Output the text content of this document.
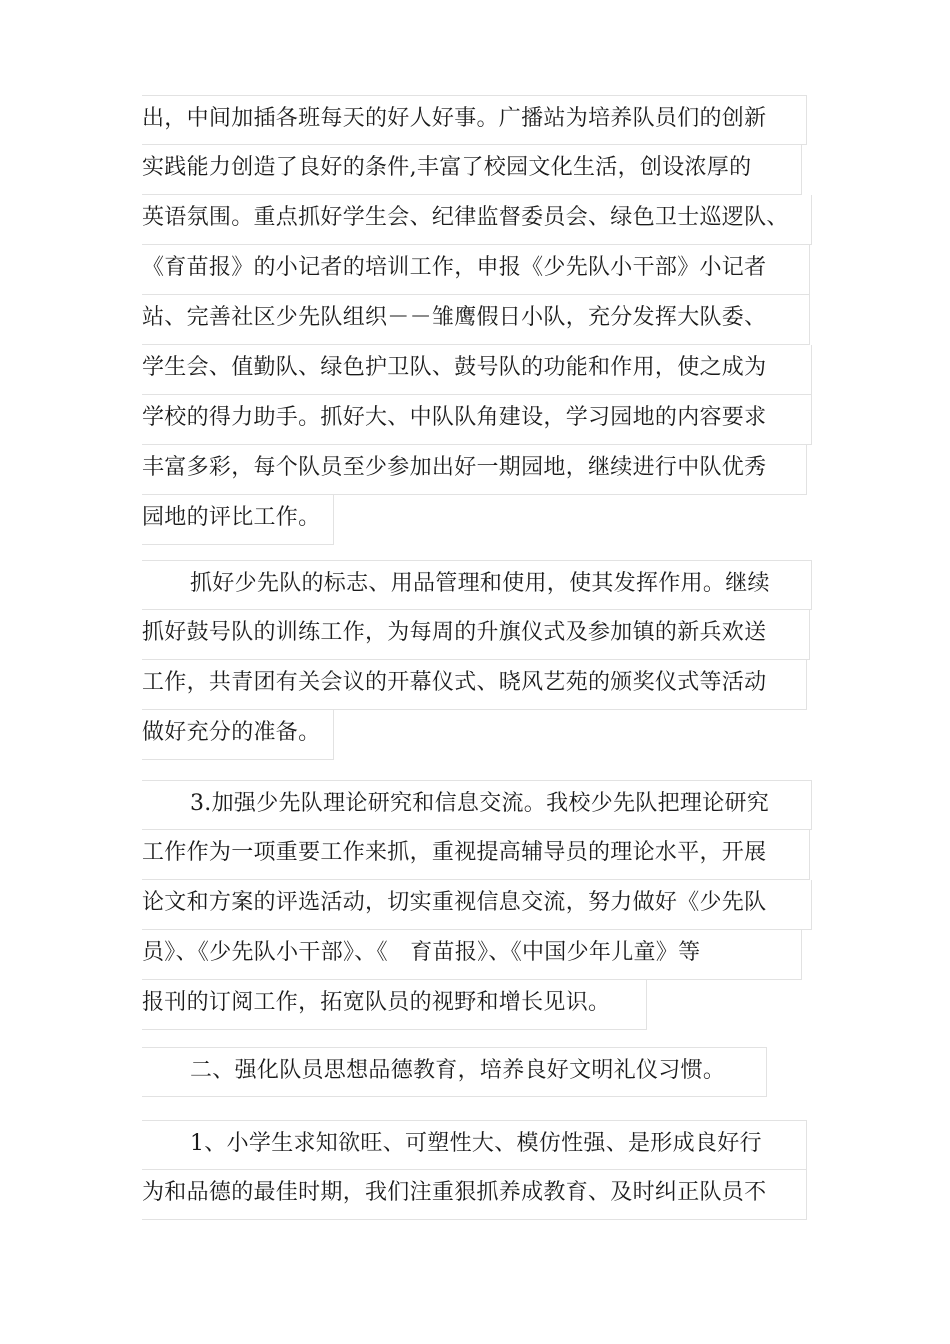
出，中间加插各班每天的好人好事。广播站为培养队员们的创新
实践能力创造了良好的条件,丰富了校园文化生活，创设浓厚的
英语氛围。重点抓好学生会、纪律监督委员会、绿色卫士巡逻队、
《育苗报》的小记者的培训工作，申报《少先队小干部》小记者
站、完善社区少先队组织－－雏鹰假日小队，充分发挥大队委、
学生会、值勤队、绿色护卫队、鼓号队的功能和作用，使之成为
学校的得力助手。抓好大、中队队角建设，学习园地的内容要求
丰富多彩，每个队员至少参加出好一期园地，继续进行中队优秀
园地的评比工作。
抓好少先队的标志、用品管理和使用，使其发挥作用。继续
抓好鼓号队的训练工作，为每周的升旗仪式及参加镇的新兵欢送
工作，共青团有关会议的开幕仪式、晓风艺苑的颁奖仪式等活动
做好充分的准备。
3.加强少先队理论研究和信息交流。我校少先队把理论研究
工作作为一项重要工作来抓，重视提高辅导员的理论水平，开展
论文和方案的评选活动，切实重视信息交流，努力做好《少先队
员》、《少先队小干部》、《　育苗报》、《中国少年儿童》等
报刊的订阅工作，拓宽队员的视野和增长见识。
二、强化队员思想品德教育，培养良好文明礼仪习惯。
1、小学生求知欲旺、可塑性大、模仿性强、是形成良好行
为和品德的最佳时期，我们注重狠抓养成教育、及时纠正队员不
